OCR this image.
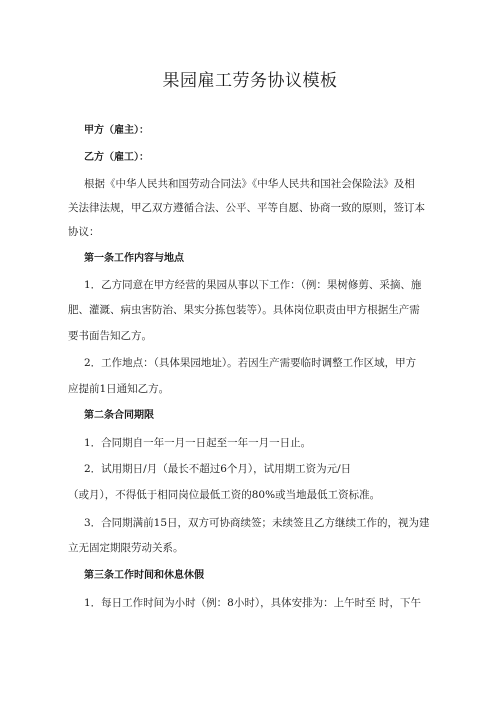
果园雇工劳务协议模板

甲方（雇主）：

乙方（雇工）：

根据《中华人民共和国劳动合同法》《中华人民共和国社会保险法》及相

关法律法规，甲乙双方遵循合法、公平、平等自愿、协商一致的原则，签订本

协议：

第一条工作内容与地点

1．乙方同意在甲方经营的果园从事以下工作：（例：果树修剪、采摘、施

肥、灌溉、病虫害防治、果实分拣包装等）。具体岗位职责由甲方根据生产需

要书面告知乙方。

2．工作地点：（具体果园地址）。若因生产需要临时调整工作区域，甲方

应提前1日通知乙方。

第二条合同期限

1．合同期自一年一月一日起至一年一月一日止。

2．试用期日/月（最长不超过6个月），试用期工资为元/日

（或月），不得低于相同岗位最低工资的80%或当地最低工资标准。

3．合同期满前15日，双方可协商续签；未续签且乙方继续工作的，视为建

立无固定期限劳动关系。

第三条工作时间和休息休假

1．每日工作时间为小时（例：8小时），具体安排为：上午时至 时，下午
